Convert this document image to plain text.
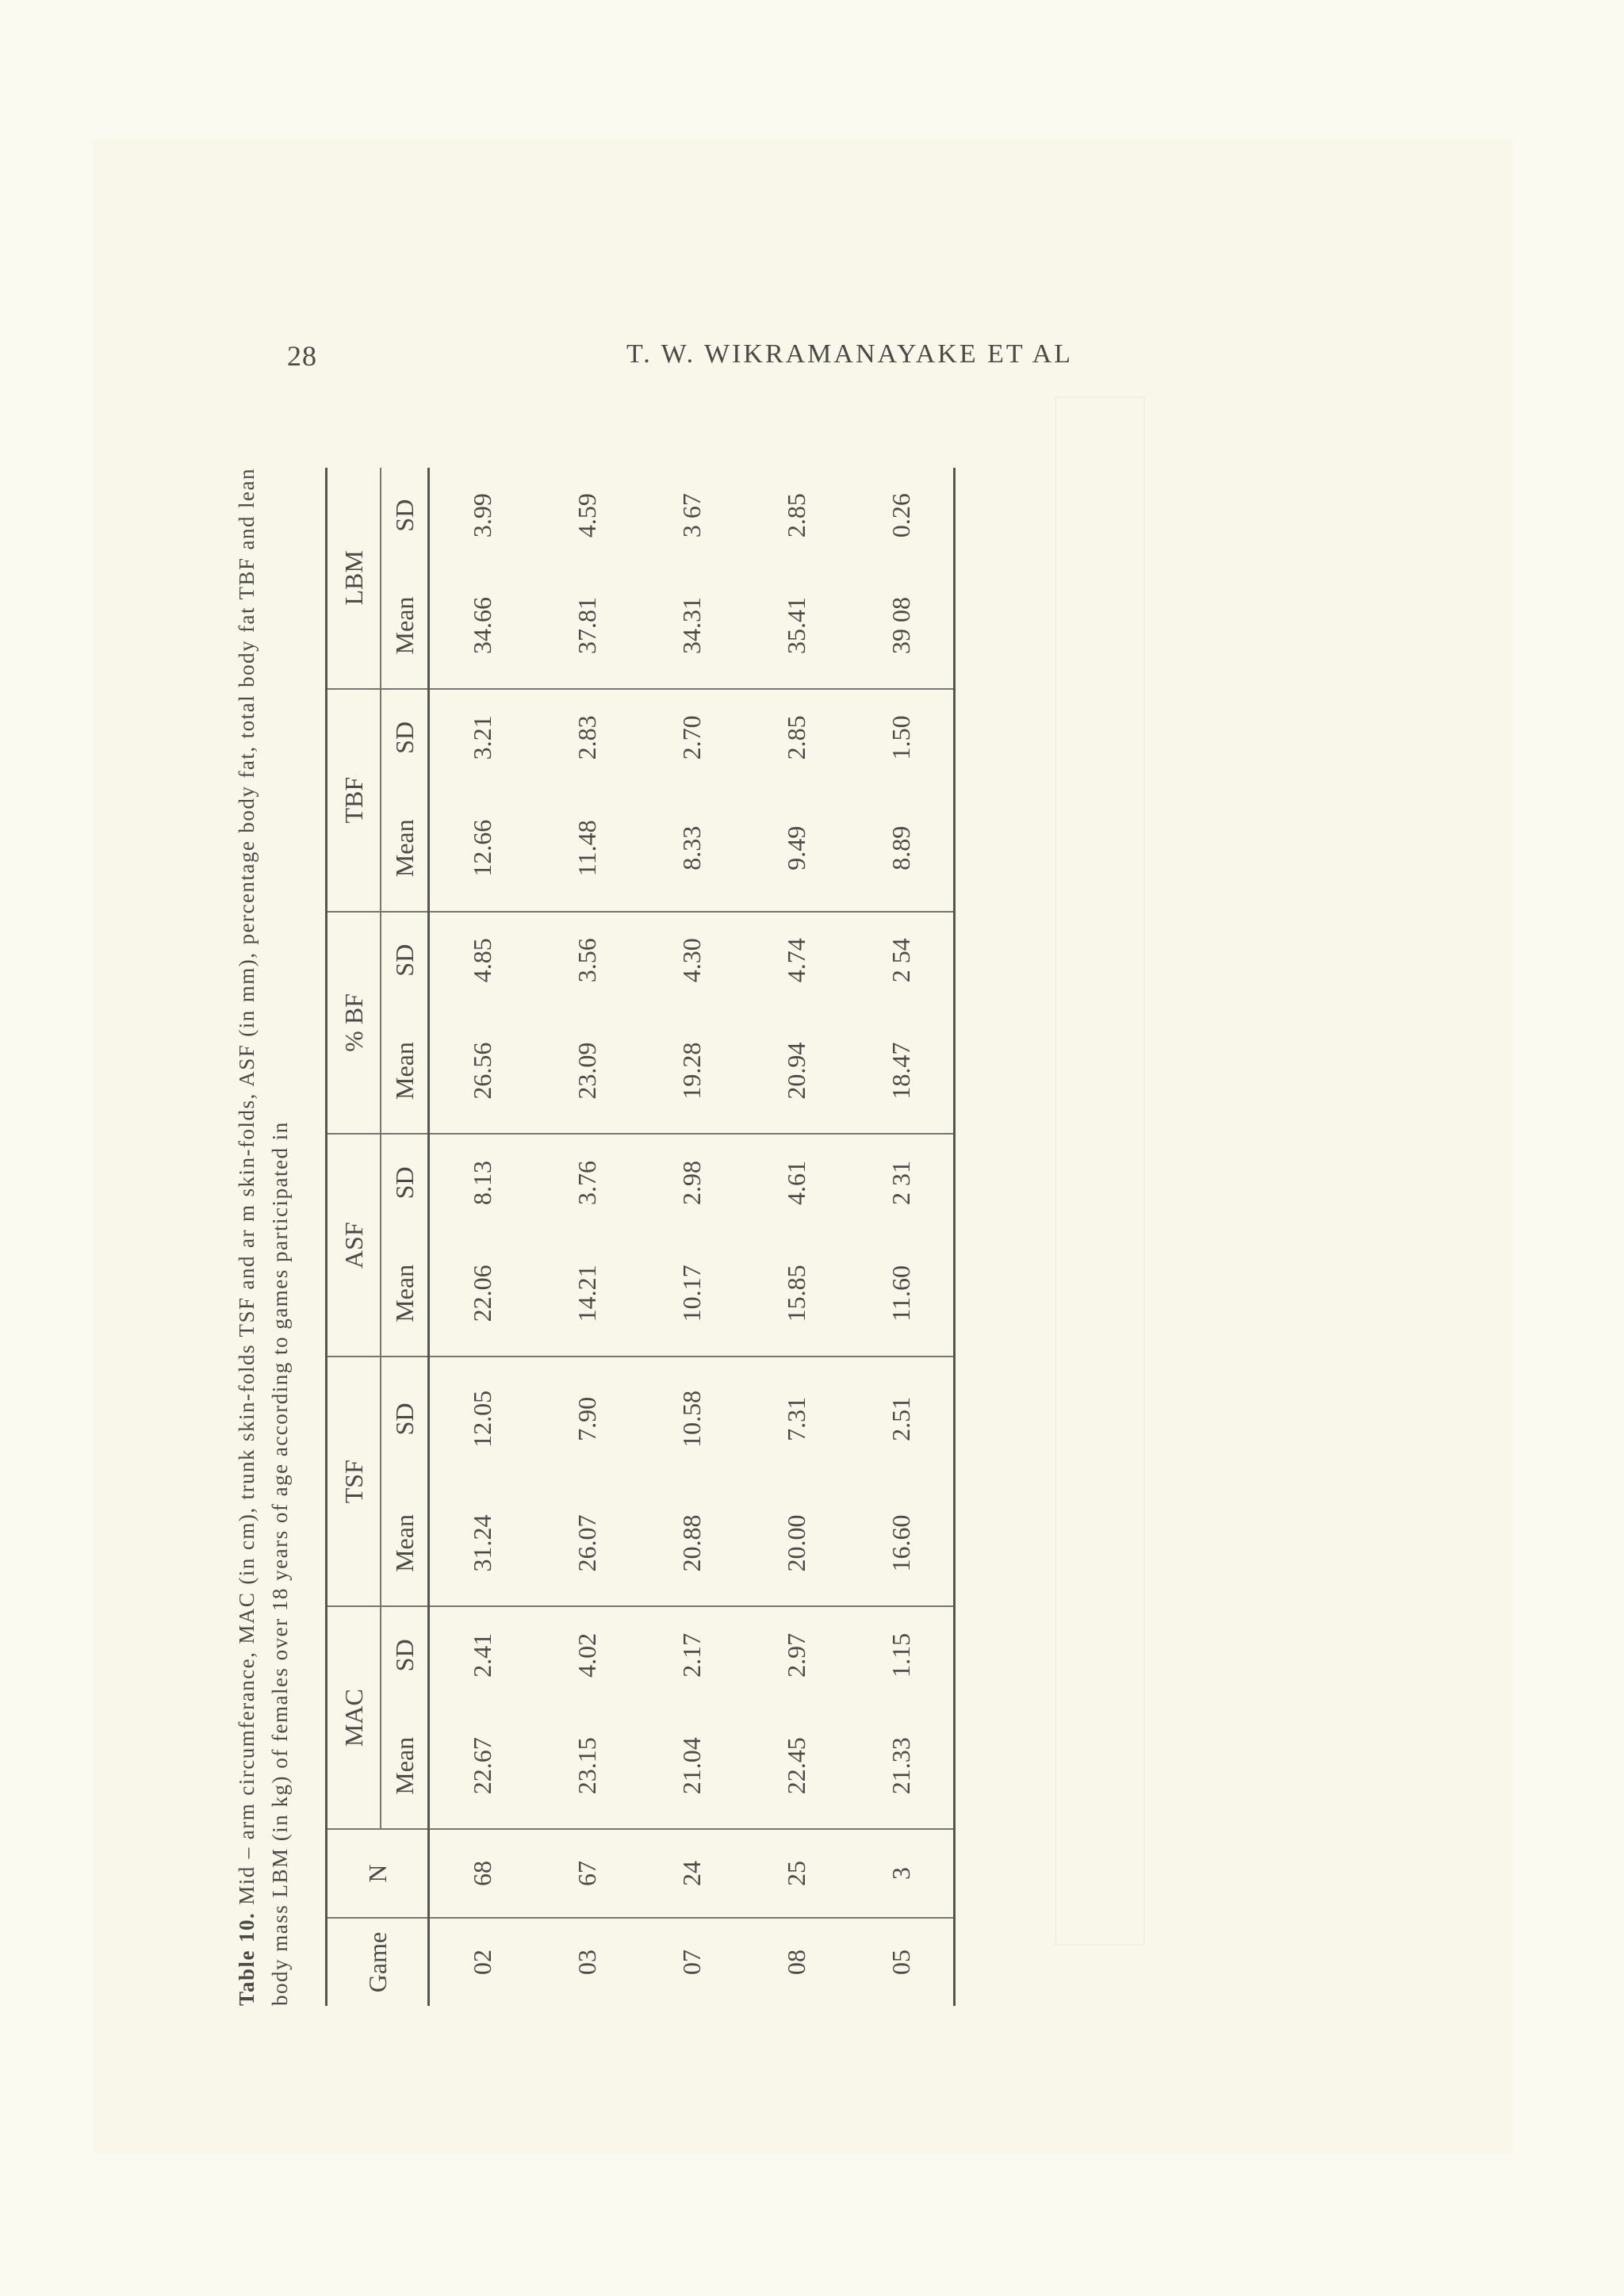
28	T. W. WIKRAMANAYAKE ET AL
Table 10. Mid – arm circumferance, MAC (in cm), trunk skin-folds TSF and ar m skin-folds, ASF (in mm), percentage body fat, total body fat TBF and lean body mass LBM (in kg) of females over 18 years of age according to games participated in	Game	N	MAC		TSF		ASF		% BF		TBF		LBM	
		Mean	SD	Mean	SD	Mean	SD	Mean	SD	Mean	SD	Mean	SD
02	68	22.67	2.41	31.24	12.05	22.06	8.13	26.56	4.85	12.66	3.21	34.66	3.99
03	67	23.15	4.02	26.07	7.90	14.21	3.76	23.09	3.56	11.48	2.83	37.81	4.59
07	24	21.04	2.17	20.88	10.58	10.17	2.98	19.28	4.30	8.33	2.70	34.31	3 67
08	25	22.45	2.97	20.00	7.31	15.85	4.61	20.94	4.74	9.49	2.85	35.41	2.85
05	3	21.33	1.15	16.60	2.51	11.60	2 31	18.47	2 54	8.89	1.50	39 08	0.26
